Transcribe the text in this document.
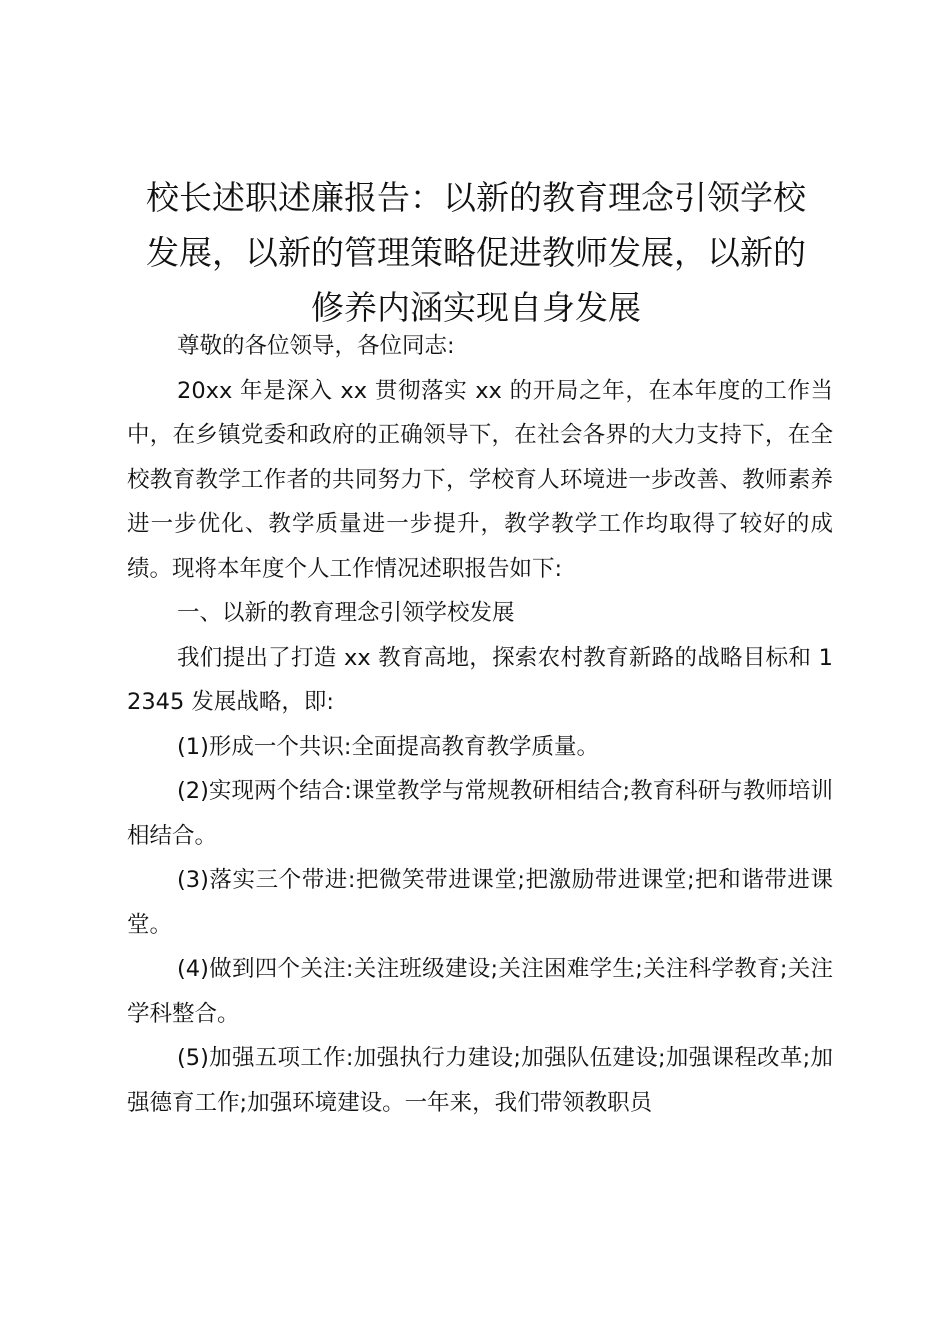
校长述职述廉报告：以新的教育理念引领学校
发展，以新的管理策略促进教师发展，以新的
修养内涵实现自身发展

尊敬的各位领导，各位同志:

20xx 年是深入 xx 贯彻落实 xx 的开局之年，在本年度的工作当中，在乡镇党委和政府的正确领导下，在社会各界的大力支持下，在全校教育教学工作者的共同努力下，学校育人环境进一步改善、教师素养进一步优化、教学质量进一步提升，教学教学工作均取得了较好的成绩。现将本年度个人工作情况述职报告如下:

一、以新的教育理念引领学校发展

我们提出了打造 xx 教育高地，探索农村教育新路的战略目标和 12345 发展战略，即:

(1)形成一个共识:全面提高教育教学质量。

(2)实现两个结合:课堂教学与常规教研相结合;教育科研与教师培训相结合。

(3)落实三个带进:把微笑带进课堂;把激励带进课堂;把和谐带进课堂。

(4)做到四个关注:关注班级建设;关注困难学生;关注科学教育;关注学科整合。

(5)加强五项工作:加强执行力建设;加强队伍建设;加强课程改革;加强德育工作;加强环境建设。一年来，我们带领教职员
